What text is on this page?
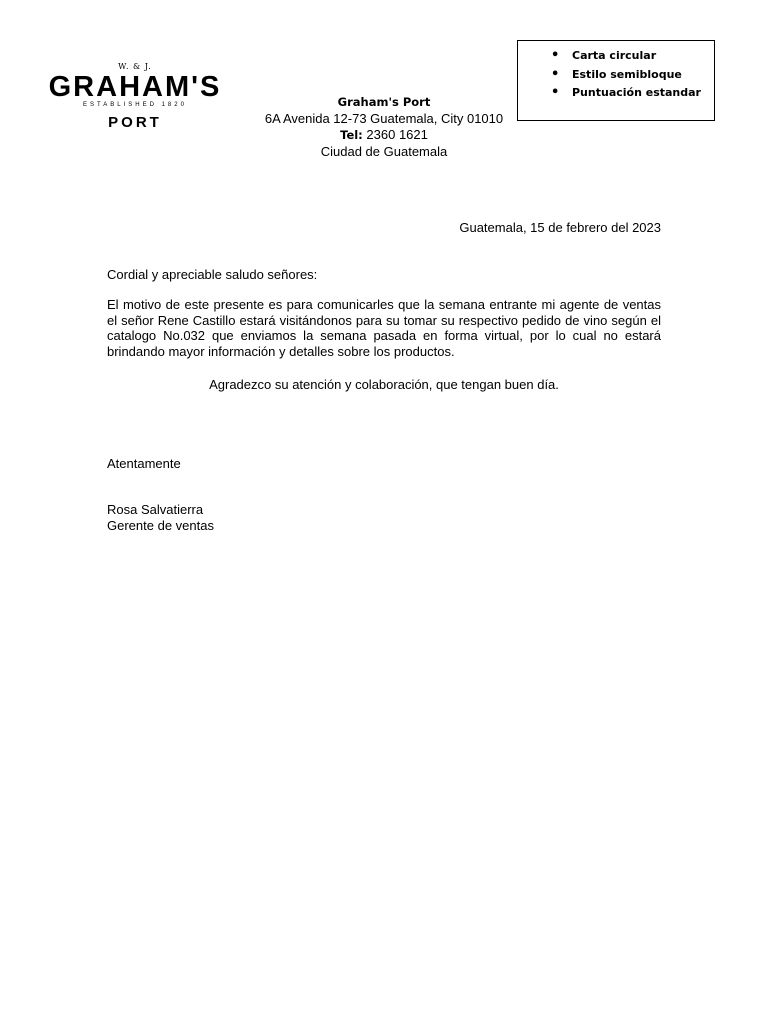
W. & J.
GRAHAM'S
ESTABLISHED 1820
PORT
Graham's Port
6A Avenida 12-73 Guatemala, City 01010
Tel: 2360 1621
Ciudad de Guatemala
• Carta circular
• Estilo semibloque
• Puntuación estandar
Guatemala, 15 de febrero del 2023
Cordial y apreciable saludo señores:
El motivo de este presente es para comunicarles que la semana entrante mi agente de ventas el señor Rene Castillo estará visitándonos para su tomar su respectivo pedido de vino según el catalogo No.032 que enviamos la semana pasada en forma virtual, por lo cual no estará brindando mayor información y detalles sobre los productos.
Agradezco su atención y colaboración, que tengan buen día.
Atentamente
Rosa Salvatierra
Gerente de ventas
